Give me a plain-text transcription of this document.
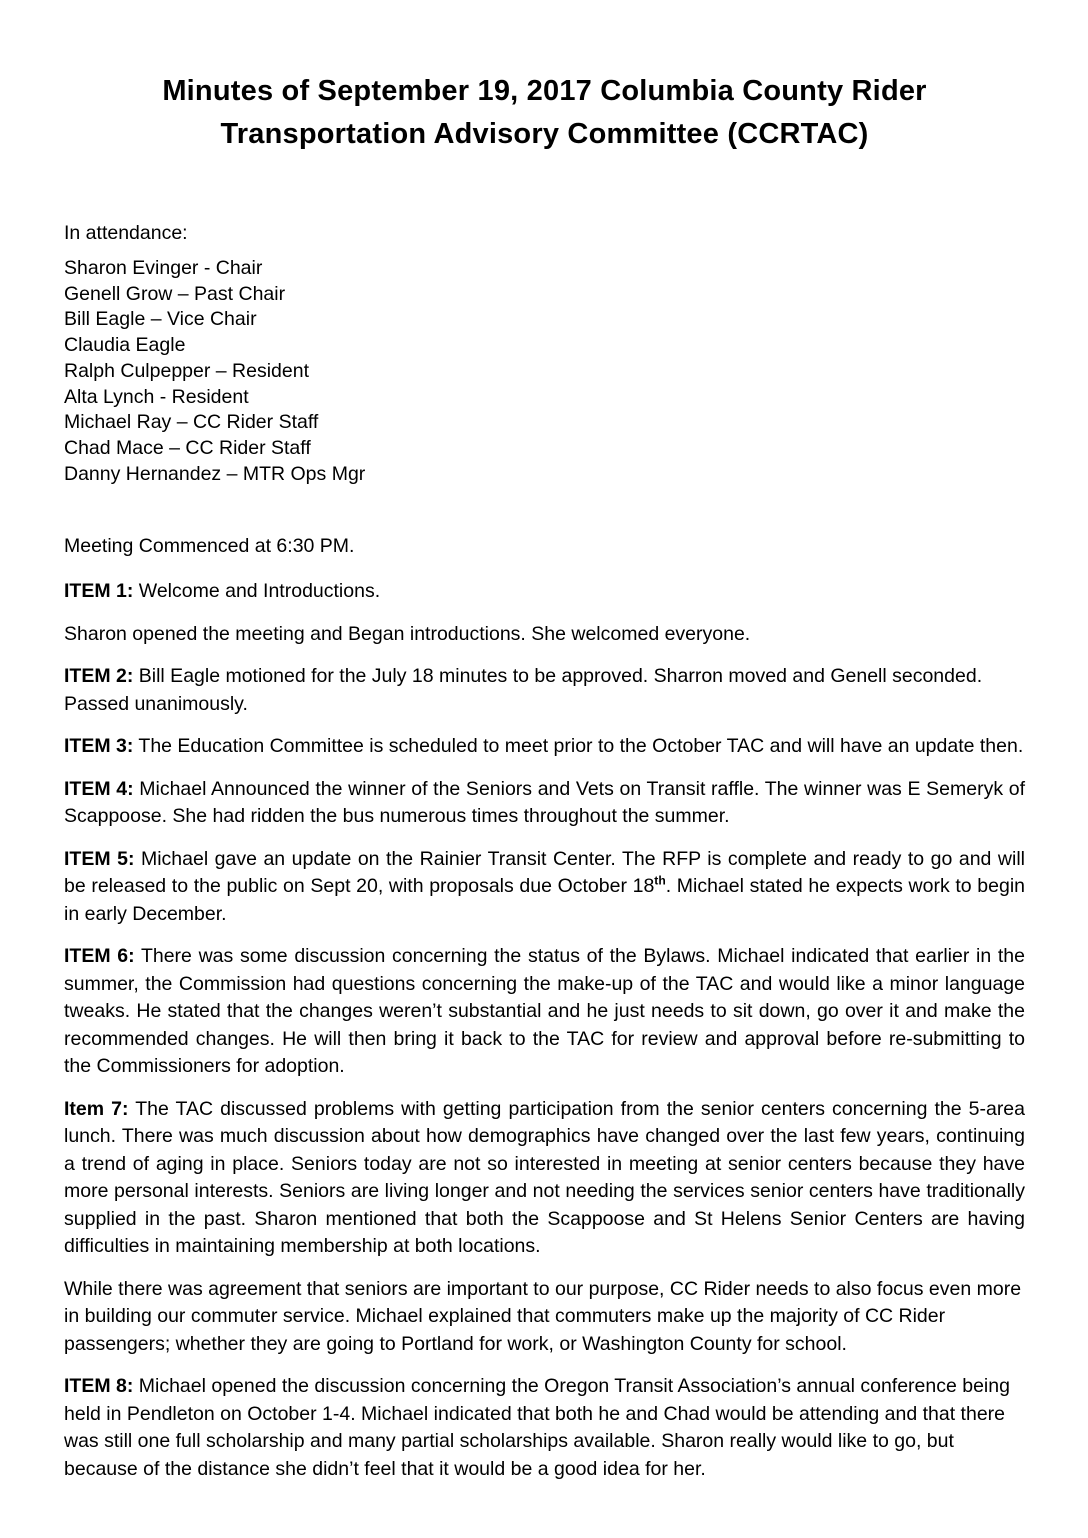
Minutes of September 19, 2017 Columbia County Rider
Transportation Advisory Committee (CCRTAC)

In attendance:

Sharon Evinger - Chair
Genell Grow – Past Chair
Bill Eagle – Vice Chair
Claudia Eagle
Ralph Culpepper – Resident
Alta Lynch - Resident
Michael Ray – CC Rider Staff
Chad Mace – CC Rider Staff
Danny Hernandez – MTR Ops Mgr

Meeting Commenced at 6:30 PM.

ITEM 1: Welcome and Introductions.

Sharon opened the meeting and Began introductions. She welcomed everyone.

ITEM 2: Bill Eagle motioned for the July 18 minutes to be approved. Sharron moved and Genell seconded. Passed unanimously.

ITEM 3: The Education Committee is scheduled to meet prior to the October TAC and will have an update then.

ITEM 4: Michael Announced the winner of the Seniors and Vets on Transit raffle. The winner was E Semeryk of Scappoose. She had ridden the bus numerous times throughout the summer.

ITEM 5: Michael gave an update on the Rainier Transit Center. The RFP is complete and ready to go and will be released to the public on Sept 20, with proposals due October 18th. Michael stated he expects work to begin in early December.

ITEM 6: There was some discussion concerning the status of the Bylaws. Michael indicated that earlier in the summer, the Commission had questions concerning the make-up of the TAC and would like a minor language tweaks. He stated that the changes weren’t substantial and he just needs to sit down, go over it and make the recommended changes. He will then bring it back to the TAC for review and approval before re-submitting to the Commissioners for adoption.

Item 7: The TAC discussed problems with getting participation from the senior centers concerning the 5-area lunch. There was much discussion about how demographics have changed over the last few years, continuing a trend of aging in place. Seniors today are not so interested in meeting at senior centers because they have more personal interests. Seniors are living longer and not needing the services senior centers have traditionally supplied in the past. Sharon mentioned that both the Scappoose and St Helens Senior Centers are having difficulties in maintaining membership at both locations.

While there was agreement that seniors are important to our purpose, CC Rider needs to also focus even more in building our commuter service. Michael explained that commuters make up the majority of CC Rider passengers; whether they are going to Portland for work, or Washington County for school.

ITEM 8: Michael opened the discussion concerning the Oregon Transit Association’s annual conference being held in Pendleton on October 1-4. Michael indicated that both he and Chad would be attending and that there was still one full scholarship and many partial scholarships available. Sharon really would like to go, but because of the distance she didn’t feel that it would be a good idea for her.
